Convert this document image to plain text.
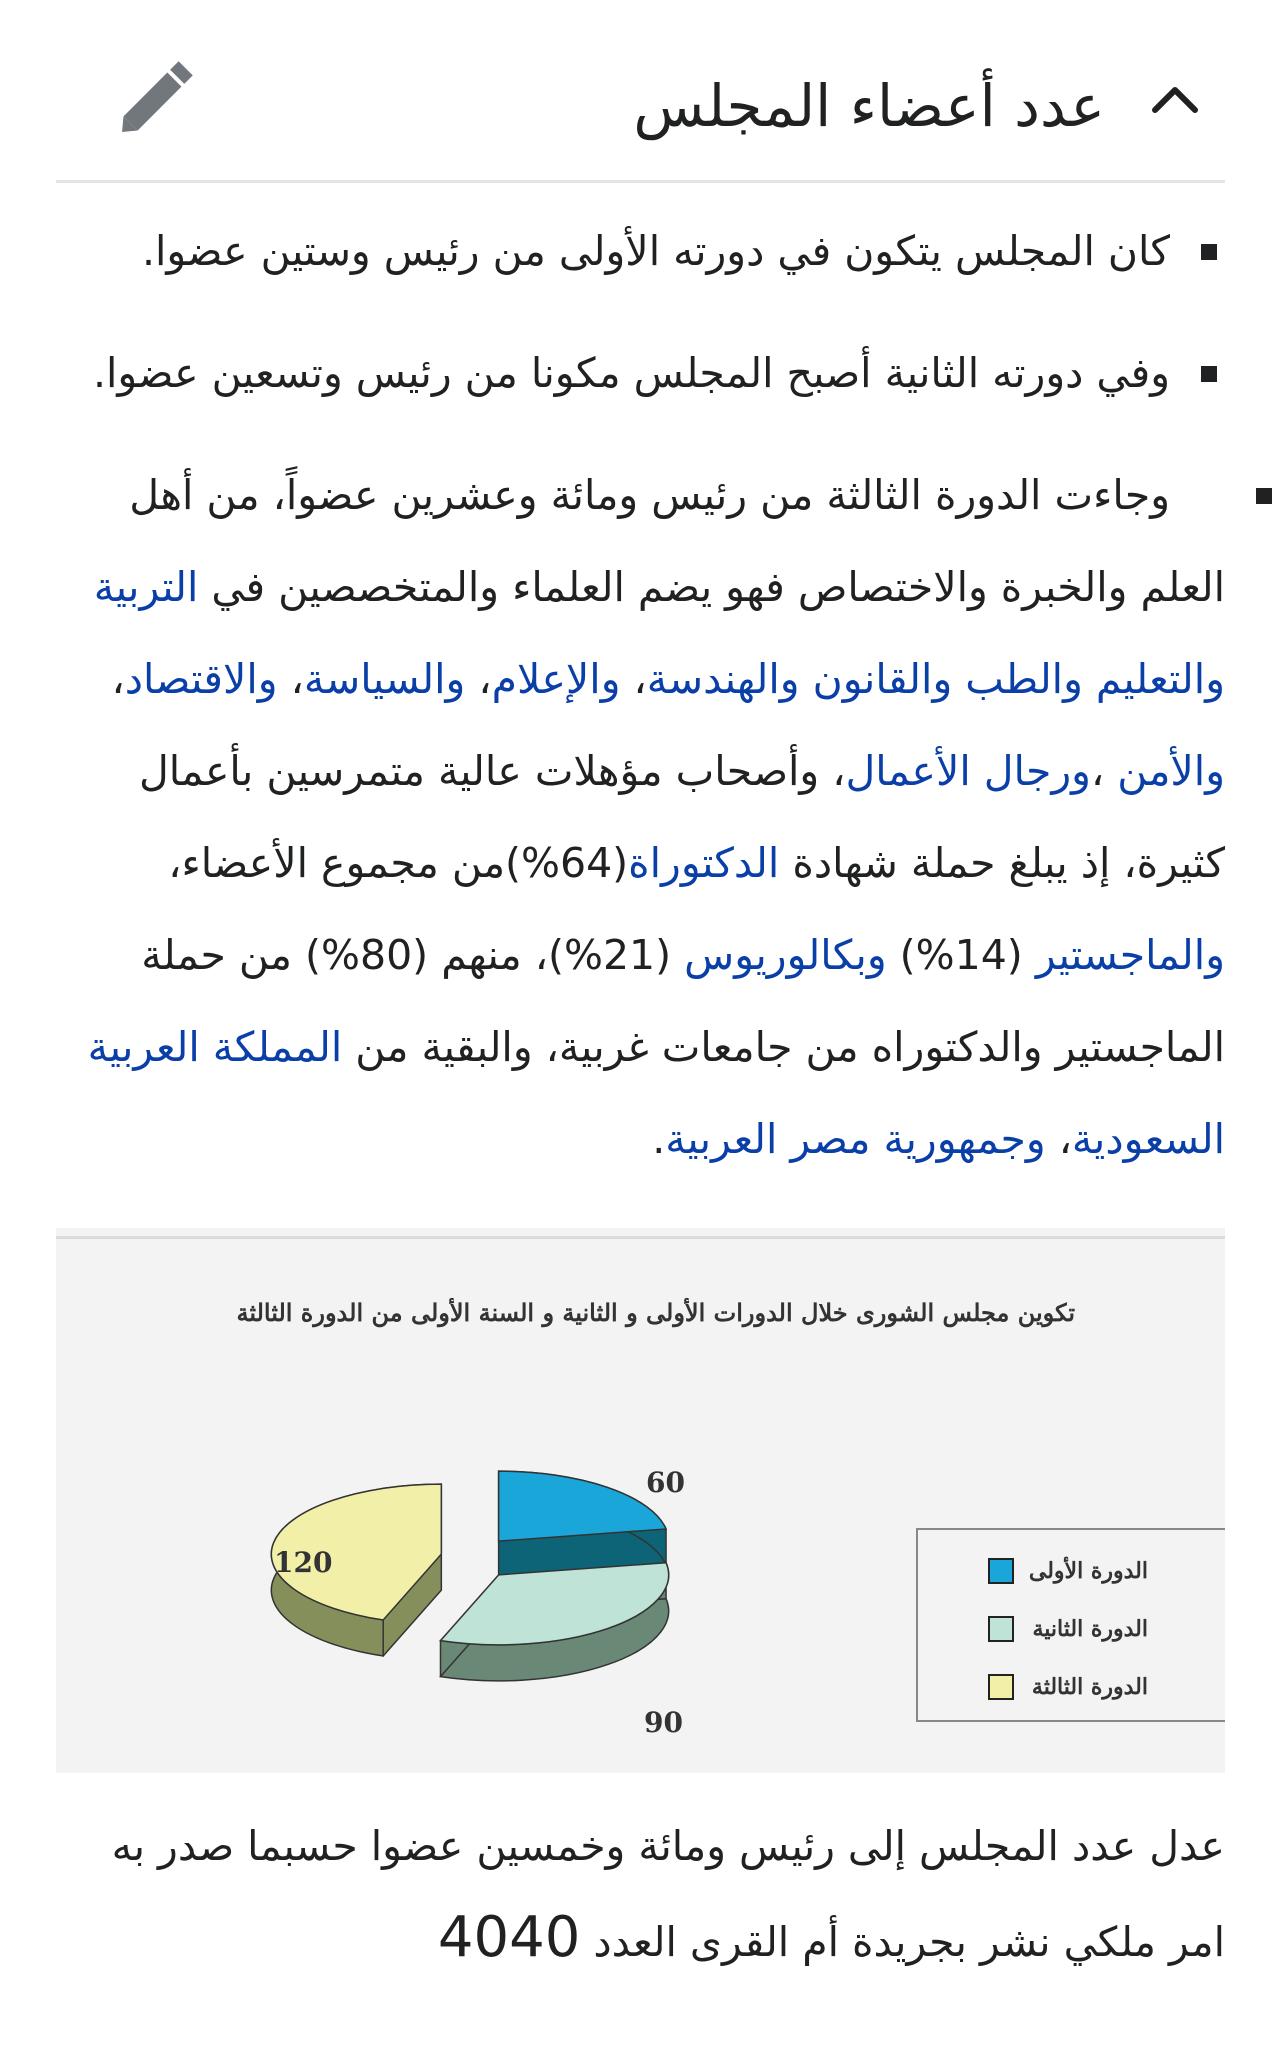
عدد أعضاء المجلس
كان المجلس يتكون في دورته الأولى من رئيس وستين عضوا.
وفي دورته الثانية أصبح المجلس مكونا من رئيس وتسعين عضوا.
وجاءت الدورة الثالثة من رئيس ومائة وعشرين عضواً، من أهل العلم والخبرة والاختصاص فهو يضم العلماء والمتخصصين في التربية والتعليم والطب والقانون والهندسة، والإعلام، والسياسة، والاقتصاد، والأمن ،ورجال الأعمال، وأصحاب مؤهلات عالية متمرسين بأعمال كثيرة، إذ يبلغ حملة شهادة الدكتوراة(64%)من مجموع الأعضاء، والماجستير (14%) وبكالوريوس (21%)، منهم (80%) من حملة الماجستير والدكتوراه من جامعات غربية، والبقية من المملكة العربية السعودية، وجمهورية مصر العربية.
تكوين مجلس الشورى خلال الدورات الأولى و الثانية و السنة الأولى من الدورة الثالثة
60
90
120	الدورة الأولى
الدورة الثانية
الدورة الثالثة
عدل عدد المجلس إلى رئيس ومائة وخمسين عضوا حسبما صدر به امر ملكي نشر بجريدة أم القرى العدد 4040
